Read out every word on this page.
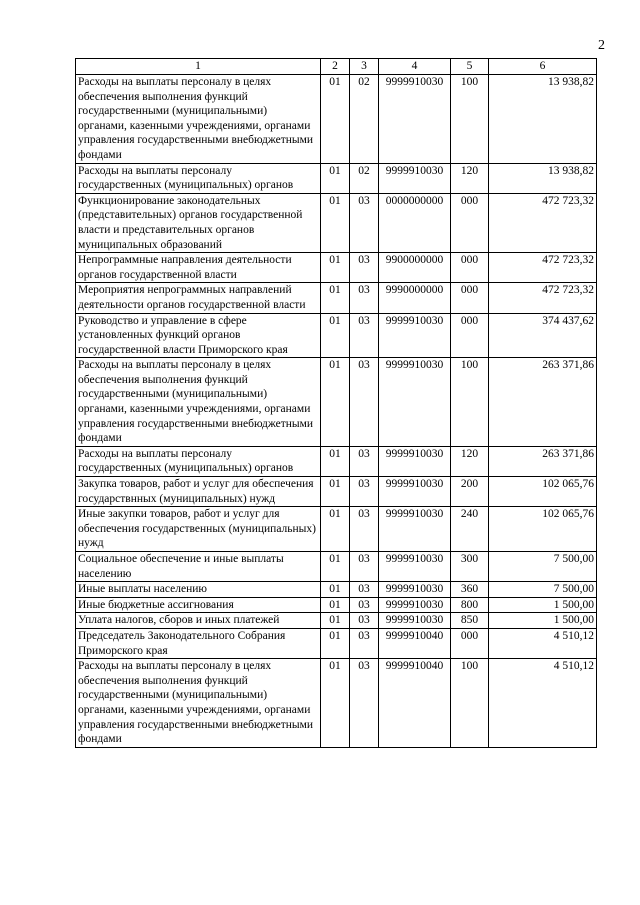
2
1	2	3	4	5	6
Расходы на выплаты персоналу в целях обеспечения выполнения функций государственными (муниципальными) органами, казенными учреждениями, органами управления государственными внебюджетными фондами	01	02	9999910030	100	13 938,82
Расходы на выплаты персоналу государственных (муниципальных) органов	01	02	9999910030	120	13 938,82
Функционирование законодательных (представительных) органов государственной власти и представительных органов муниципальных образований	01	03	0000000000	000	472 723,32
Непрограммные направления деятельности органов государственной власти	01	03	9900000000	000	472 723,32
Мероприятия непрограммных направлений деятельности органов государственной власти	01	03	9990000000	000	472 723,32
Руководство и управление в сфере установленных функций органов государственной власти Приморского края	01	03	9999910030	000	374 437,62
Расходы на выплаты персоналу в целях обеспечения выполнения функций государственными (муниципальными) органами, казенными учреждениями, органами управления государственными внебюджетными фондами	01	03	9999910030	100	263 371,86
Расходы на выплаты персоналу государственных (муниципальных) органов	01	03	9999910030	120	263 371,86
Закупка товаров, работ и услуг для обеспечения государствнных (муниципальных) нужд	01	03	9999910030	200	102 065,76
Иные закупки товаров, работ и услуг для обеспечения государственных (муниципальных) нужд	01	03	9999910030	240	102 065,76
Социальное обеспечение и иные выплаты населению	01	03	9999910030	300	7 500,00
Иные выплаты населению	01	03	9999910030	360	7 500,00
Иные бюджетные ассигнования	01	03	9999910030	800	1 500,00
Уплата налогов, сборов и иных платежей	01	03	9999910030	850	1 500,00
Председатель Законодательного Собрания Приморского края	01	03	9999910040	000	4 510,12
Расходы на выплаты персоналу в целях обеспечения выполнения функций государственными (муниципальными) органами, казенными учреждениями, органами управления государственными внебюджетными фондами	01	03	9999910040	100	4 510,12
